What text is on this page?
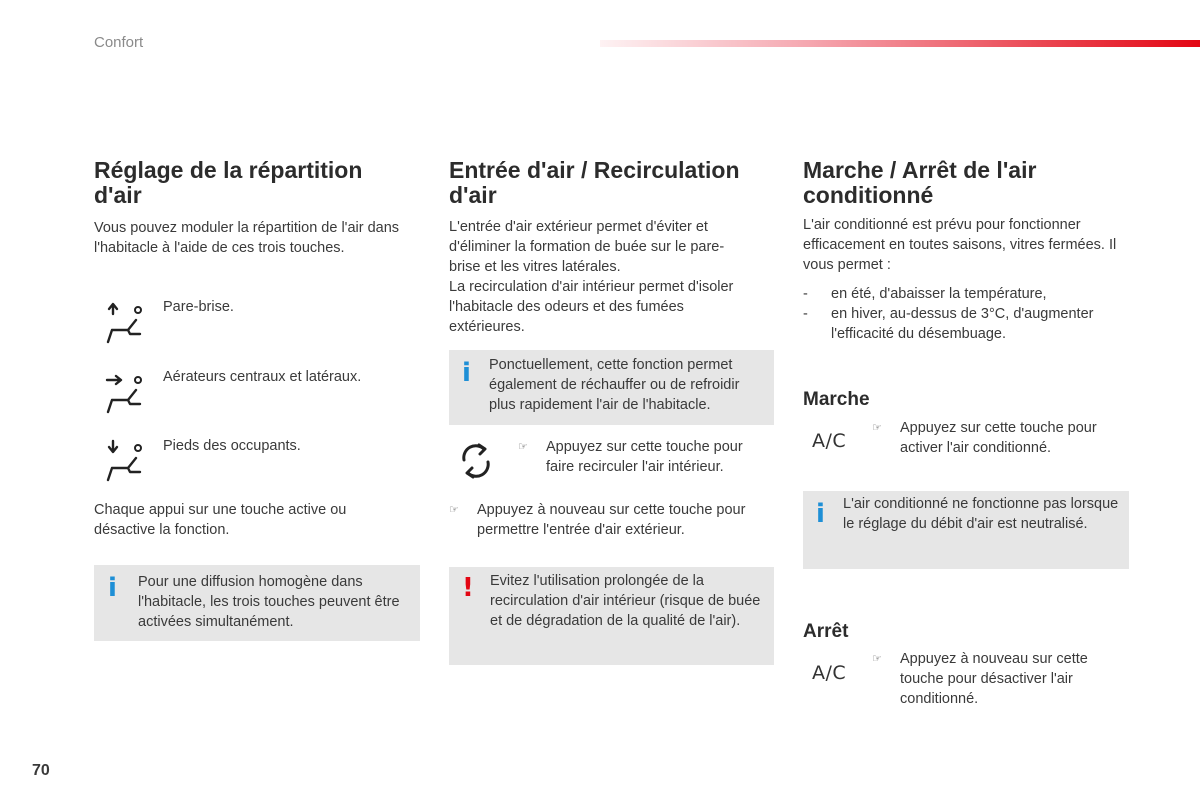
Confort
Réglage de la répartition d'air
Vous pouvez moduler la répartition de l'air dans l'habitacle à l'aide de ces trois touches.
Pare-brise.
Aérateurs centraux et latéraux.
Pieds des occupants.
Chaque appui sur une touche active ou désactive la fonction.
i Pour une diffusion homogène dans l'habitacle, les trois touches peuvent être activées simultanément.
Entrée d'air / Recirculation d'air
L'entrée d'air extérieur permet d'éviter et d'éliminer la formation de buée sur le pare-brise et les vitres latérales.
La recirculation d'air intérieur permet d'isoler l'habitacle des odeurs et des fumées extérieures.
i Ponctuellement, cette fonction permet également de réchauffer ou de refroidir plus rapidement l'air de l'habitacle.
☞	Appuyez sur cette touche pour faire recirculer l'air intérieur.
☞	Appuyez à nouveau sur cette touche pour permettre l'entrée d'air extérieur.
! Evitez l'utilisation prolongée de la recirculation d'air intérieur (risque de buée et de dégradation de la qualité de l'air).
Marche / Arrêt de l'air conditionné
L'air conditionné est prévu pour fonctionner efficacement en toutes saisons, vitres fermées. Il vous permet :
- en été, d'abaisser la température,
- en hiver, au-dessus de 3°C, d'augmenter l'efficacité du désembuage.
Marche
A/C
☞	Appuyez sur cette touche pour activer l'air conditionné.
i L'air conditionné ne fonctionne pas lorsque le réglage du débit d'air est neutralisé.
Arrêt
A/C
☞	Appuyez à nouveau sur cette touche pour désactiver l'air conditionné.
70
